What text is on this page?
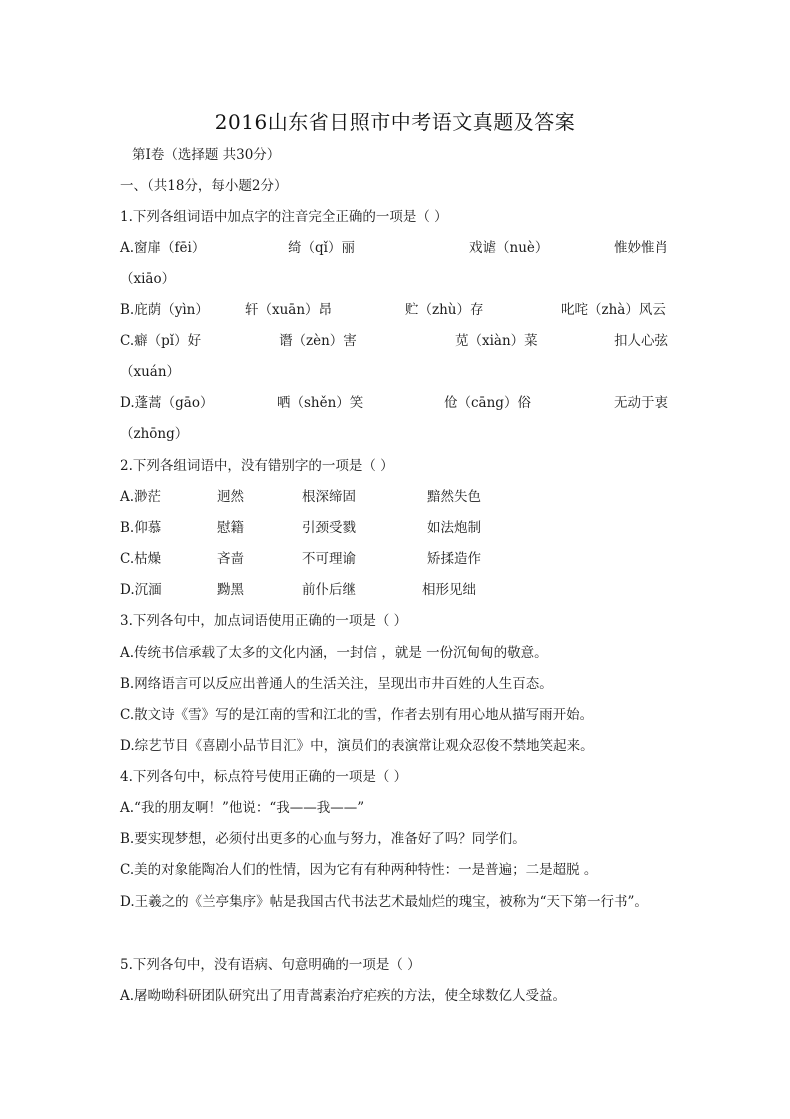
2016山东省日照市中考语文真题及答案
第Ⅰ卷（选择题 共30分）
一、（共18分，每小题2分）
1.下列各组词语中加点字的注音完全正确的一项是（ ）
A.窗扉（fēi）	绮（qǐ）丽	戏谑（nuè）	惟妙惟肖
（xiāo）
B.庇荫（yìn）	轩（xuān）昂	贮（zhù）存	叱咤（zhà）风云
C.癖（pǐ）好	谮（zèn）害	苋（xiàn）菜	扣人心弦
（xuán）
D.蓬蒿（gāo）	哂（shěn）笑	伧（cāng）俗	无动于衷
（zhōng）
2.下列各组词语中，没有错别字的一项是（ ）
A.渺茫	迥然	根深缔固	黯然失色
B.仰慕	慰籍	引颈受戮	如法炮制
C.枯燥	吝啬	不可理谕	矫揉造作
D.沉湎	黝黑	前仆后继	相形见绌
3.下列各句中，加点词语使用正确的一项是（ ）
A.传统书信承载了太多的文化内涵，一封信 ，就是 一份沉甸甸的敬意。
B.网络语言可以反应出普通人的生活关注，呈现出市井百姓的人生百态。
C.散文诗《雪》写的是江南的雪和江北的雪，作者去别有用心地从描写雨开始。
D.综艺节目《喜剧小品节目汇》中，演员们的表演常让观众忍俊不禁地笑起来。
4.下列各句中，标点符号使用正确的一项是（ ）
A.“我的朋友啊！”他说：“我——我——”
B.要实现梦想，必须付出更多的心血与努力，准备好了吗？同学们。
C.美的对象能陶冶人们的性情，因为它有有种两种特性：一是普遍；二是超脱 。
D.王羲之的《兰亭集序》帖是我国古代书法艺术最灿烂的瑰宝，被称为“天下第一行书”。
5.下列各句中，没有语病、句意明确的一项是（ ）
A.屠呦呦科研团队研究出了用青蒿素治疗疟疾的方法，使全球数亿人受益。
